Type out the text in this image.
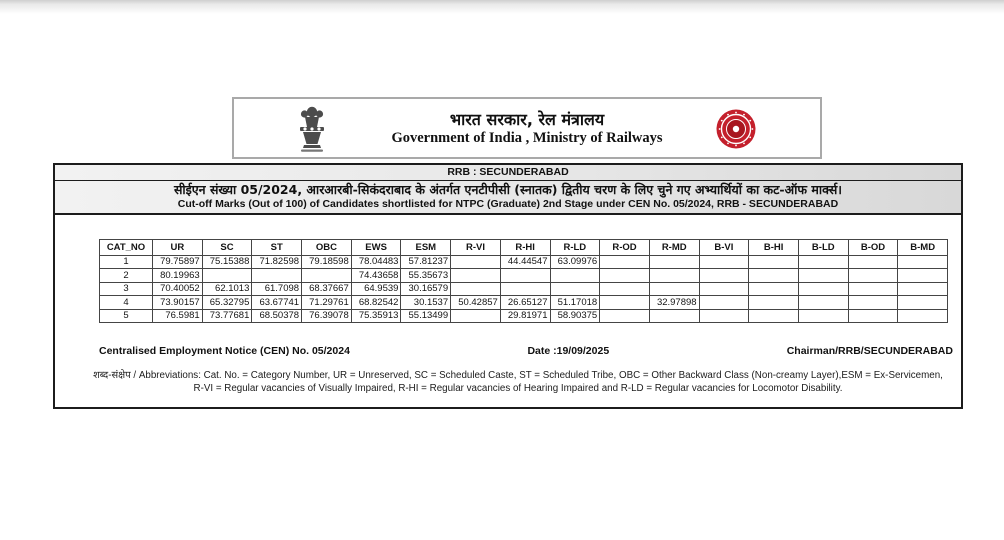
भारत सरकार, रेल मंत्रालय
Government of India , Ministry of Railways
RRB : SECUNDERABAD
सीईएन संख्या 05/2024, आरआरबी-सिकंदराबाद के अंतर्गत एनटीपीसी (स्नातक) द्वितीय चरण के लिए चुने गए अभ्यार्थियों का कट-ऑफ मार्क्स।
Cut-off Marks (Out of 100) of Candidates shortlisted for NTPC (Graduate) 2nd Stage under CEN No. 05/2024, RRB - SECUNDERABAD
CAT_NO	UR	SC	ST	OBC	EWS	ESM	R-VI	R-HI	R-LD	R-OD	R-MD	B-VI	B-HI	B-LD	B-OD	B-MD
1	79.75897	75.15388	71.82598	79.18598	78.04483	57.81237		44.44547	63.09976							
2	80.19963				74.43658	55.35673										
3	70.40052	62.1013	61.7098	68.37667	64.9539	30.16579										
4	73.90157	65.32795	63.67741	71.29761	68.82542	30.1537	50.42857	26.65127	51.17018		32.97898					
5	76.5981	73.77681	68.50378	76.39078	75.35913	55.13499		29.81971	58.90375							
Centralised Employment Notice (CEN) No. 05/2024	Date :19/09/2025	Chairman/RRB/SECUNDERABAD
शब्द-संक्षेप / Abbreviations: Cat. No. = Category Number, UR = Unreserved, SC = Scheduled Caste, ST = Scheduled Tribe, OBC = Other Backward Class (Non-creamy Layer),ESM = Ex-Servicemen, R-VI = Regular vacancies of Visually Impaired, R-HI = Regular vacancies of Hearing Impaired and R-LD = Regular vacancies for Locomotor Disability.
